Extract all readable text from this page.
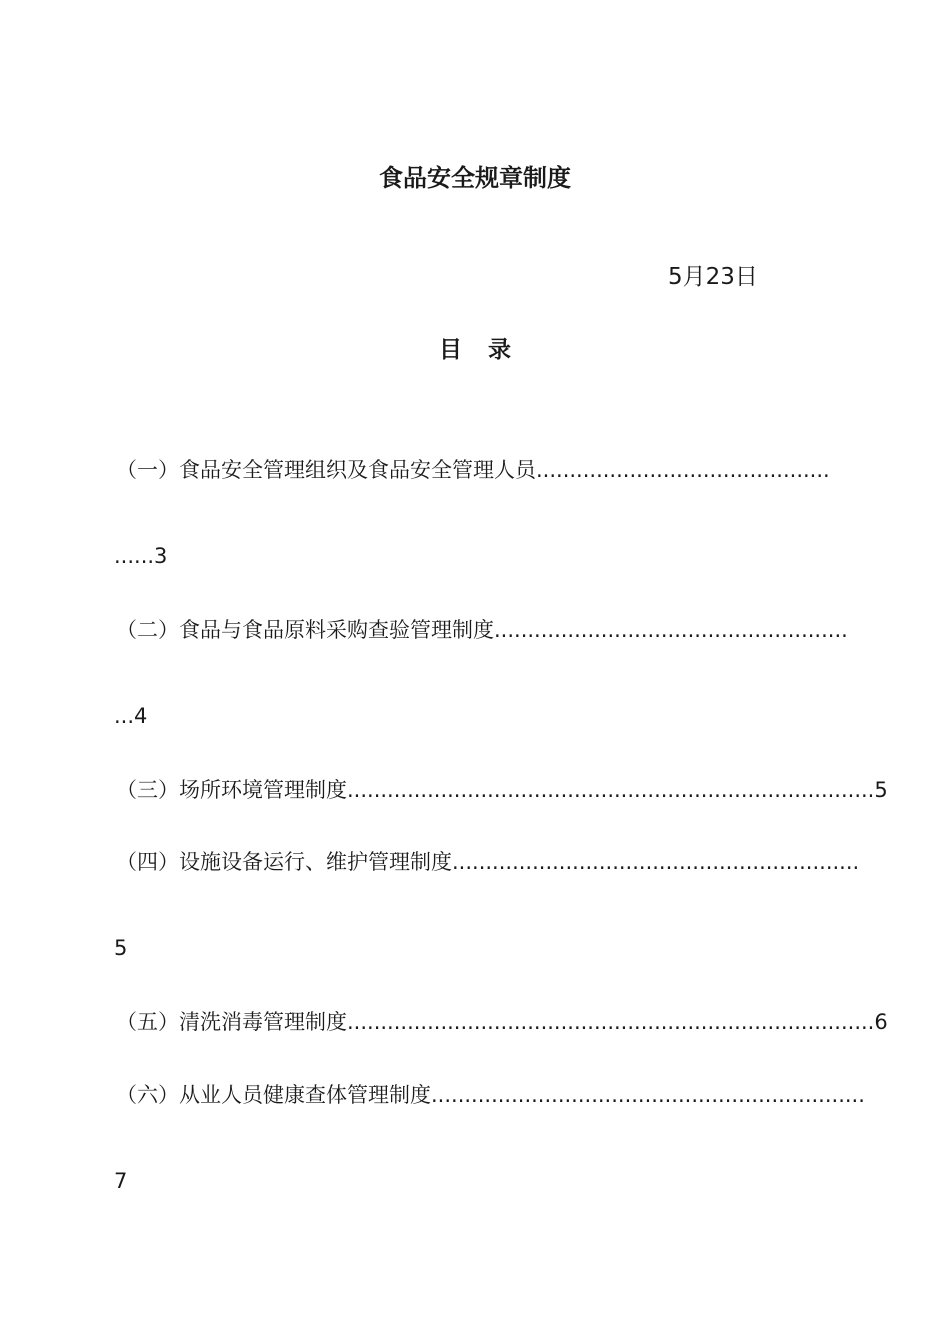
食品安全规章制度
5月23日
目 录
（一）食品安全管理组织及食品安全管理人员............................................
......3
（二）食品与食品原料采购查验管理制度.....................................................
...4
（三）场所环境管理制度...............................................................................5
（四）设施设备运行、维护管理制度.............................................................
5
（五）清洗消毒管理制度...............................................................................6
（六）从业人员健康查体管理制度.................................................................
7
